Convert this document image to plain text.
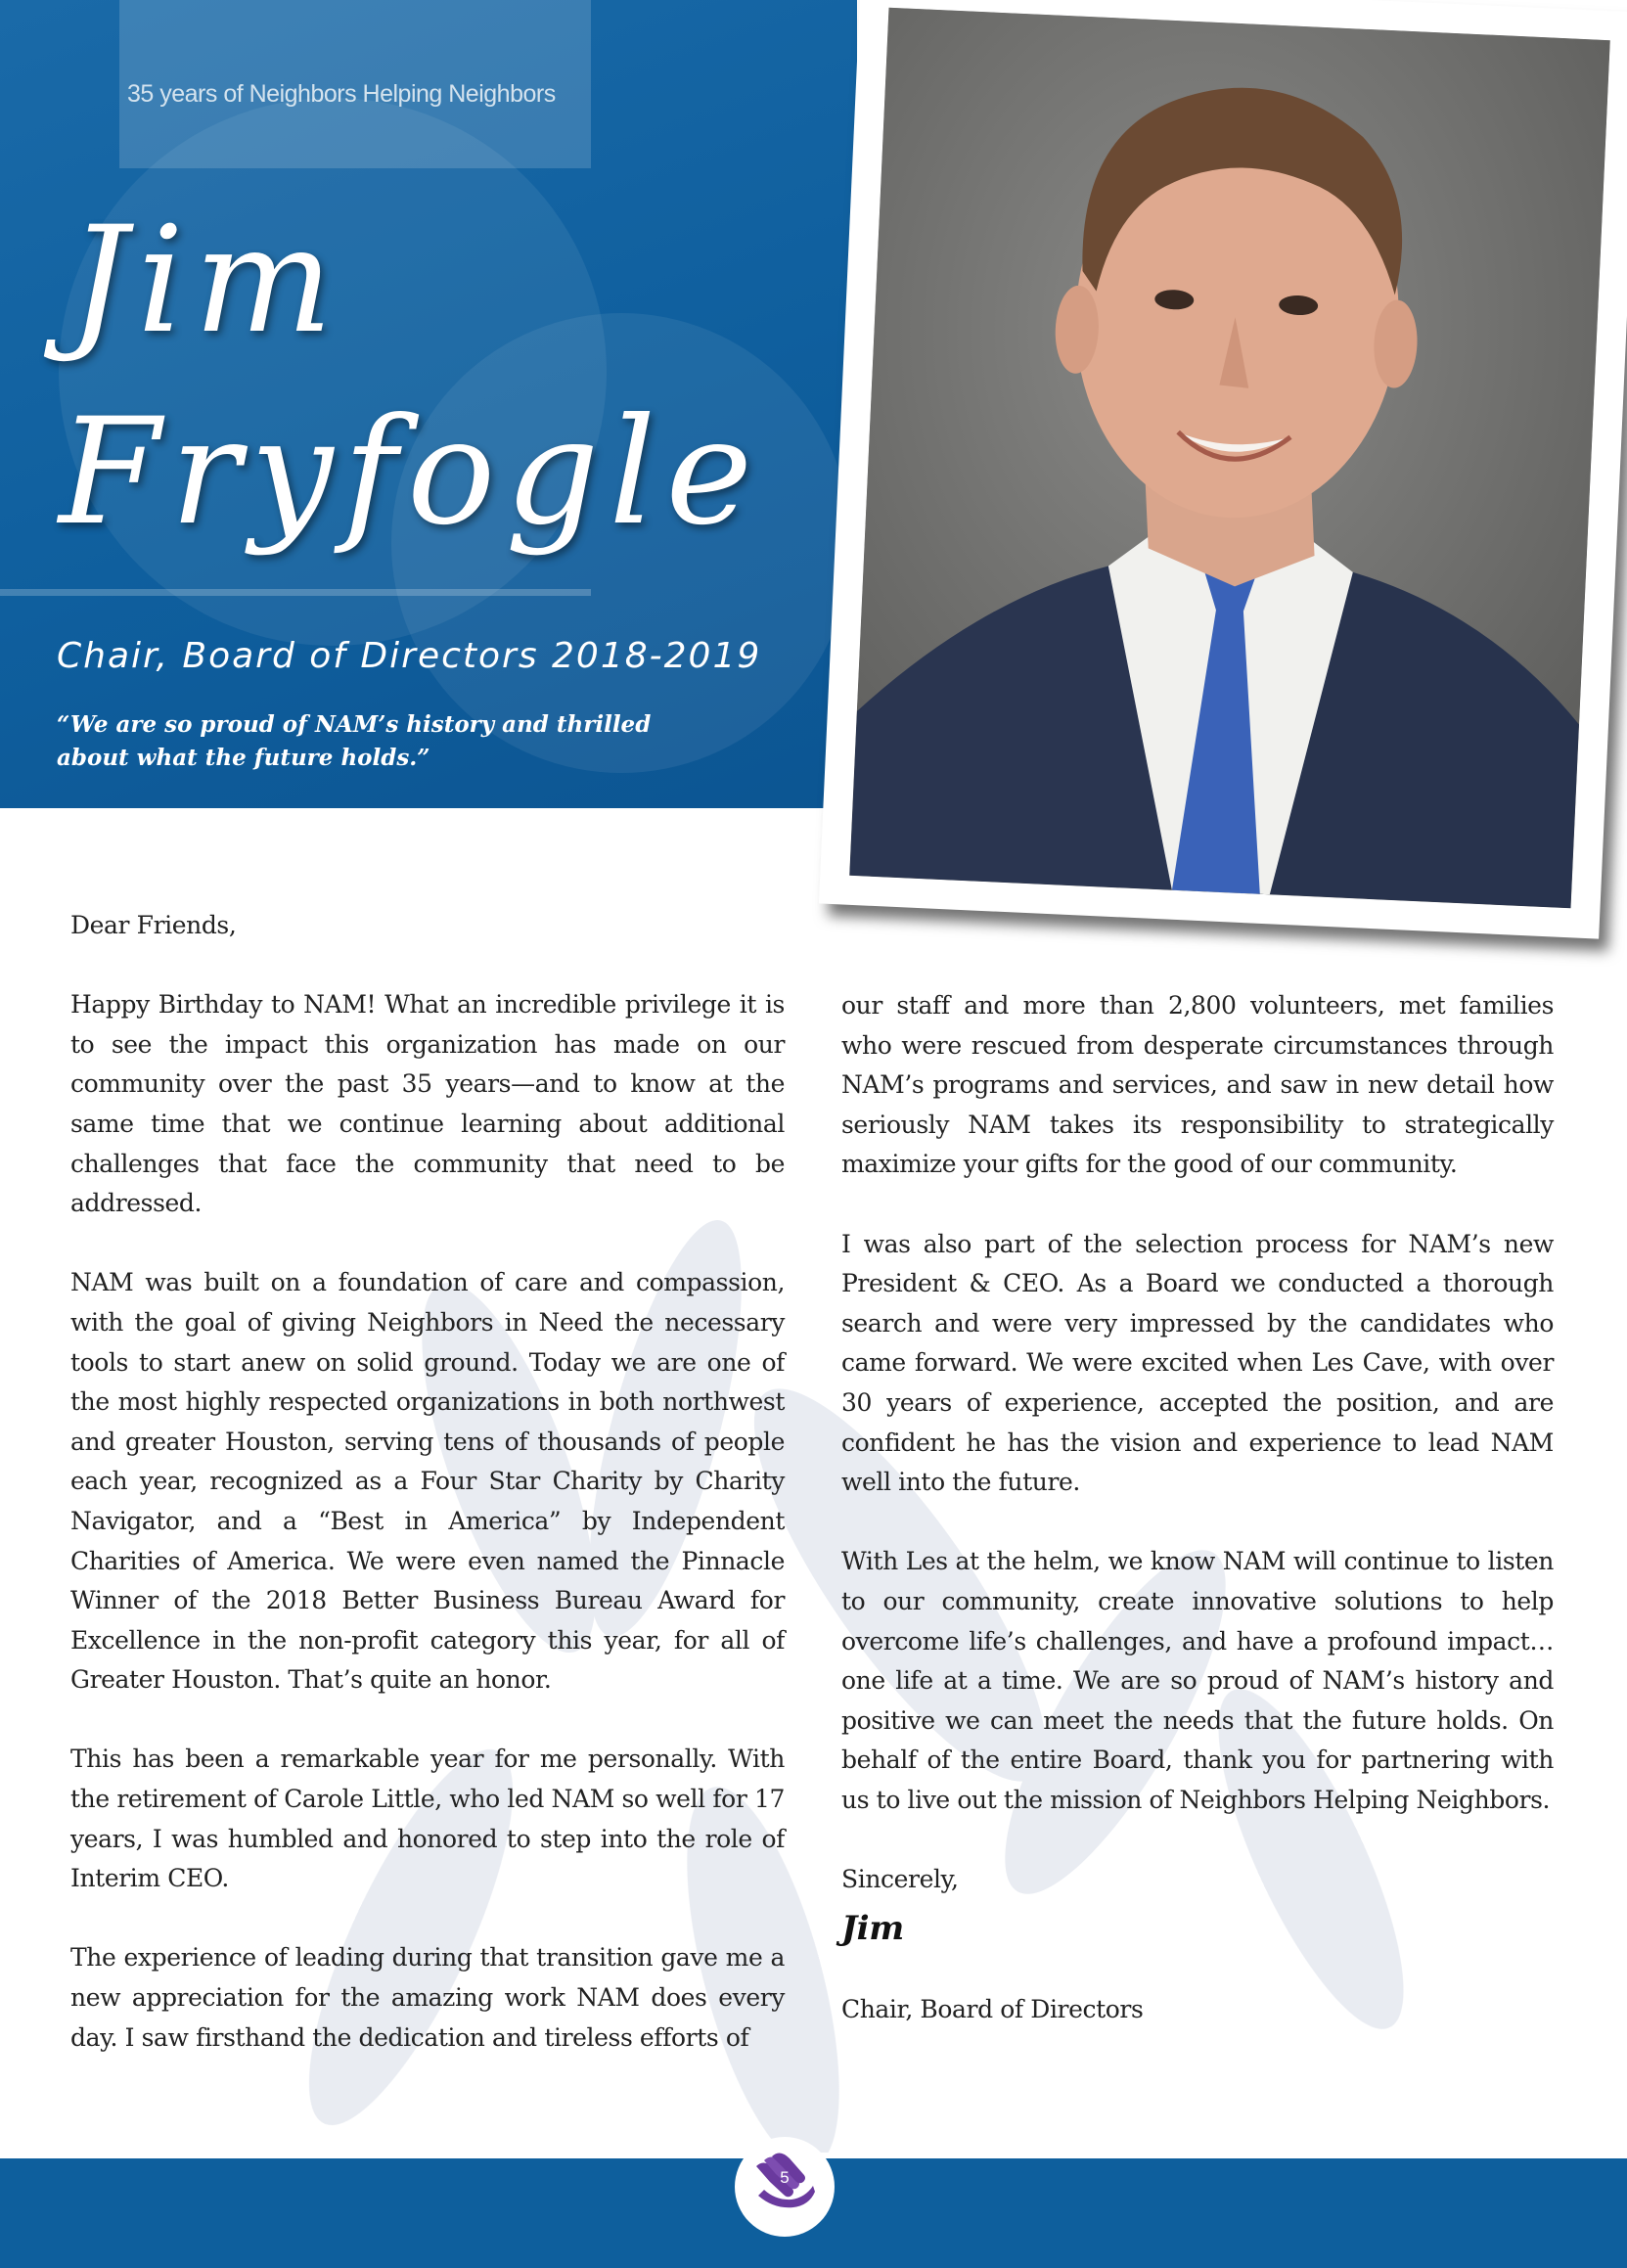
35 years of Neighbors Helping Neighbors
Jim
Fryfogle
Chair, Board of Directors 2018-2019
“We are so proud of NAM’s history and thrilled
about what the future holds.”

Dear Friends,

Happy Birthday to NAM! What an incredible privilege it is to see the impact this organization has made on our community over the past 35 years—and to know at the same time that we continue learning about additional challenges that face the community that need to be addressed.

NAM was built on a foundation of care and compassion, with the goal of giving Neighbors in Need the necessary tools to start anew on solid ground. Today we are one of the most highly respected organizations in both northwest and greater Houston, serving tens of thousands of people each year, recognized as a Four Star Charity by Charity Navigator, and a “Best in America” by Independent Charities of America. We were even named the Pinnacle Winner of the 2018 Better Business Bureau Award for Excellence in the non-profit category this year, for all of Greater Houston. That’s quite an honor.

This has been a remarkable year for me personally. With the retirement of Carole Little, who led NAM so well for 17 years, I was humbled and honored to step into the role of Interim CEO.

The experience of leading during that transition gave me a new appreciation for the amazing work NAM does every day. I saw firsthand the dedication and tireless efforts of

our staff and more than 2,800 volunteers, met families who were rescued from desperate circumstances through NAM’s programs and services, and saw in new detail how seriously NAM takes its responsibility to strategically maximize your gifts for the good of our community.

I was also part of the selection process for NAM’s new President & CEO. As a Board we conducted a thorough search and were very impressed by the candidates who came forward. We were excited when Les Cave, with over 30 years of experience, accepted the position, and are confident he has the vision and experience to lead NAM well into the future.

With Les at the helm, we know NAM will continue to listen to our community, create innovative solutions to help overcome life’s challenges, and have a profound impact… one life at a time. We are so proud of NAM’s history and positive we can meet the needs that the future holds. On behalf of the entire Board, thank you for partnering with us to live out the mission of Neighbors Helping Neighbors.

Sincerely,

Jim

Chair, Board of Directors

5
